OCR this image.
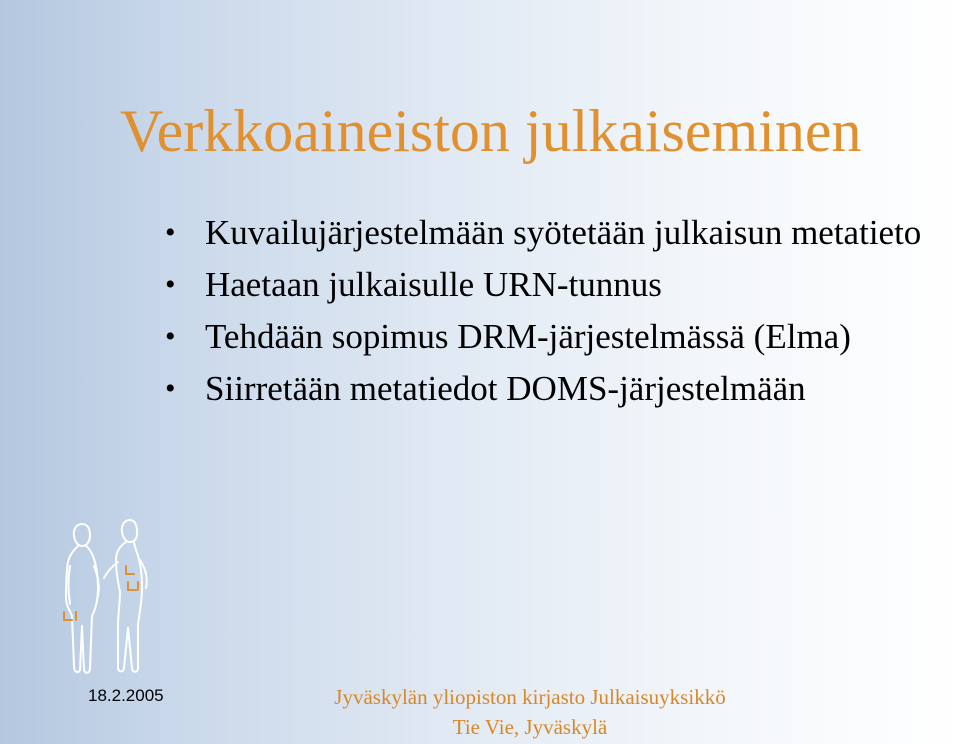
Verkkoaineiston julkaiseminen
• Kuvailujärjestelmään syötetään julkaisun metatieto
• Haetaan julkaisulle URN-tunnus
• Tehdään sopimus DRM-järjestelmässä (Elma)
• Siirretään metatiedot DOMS-järjestelmään
18.2.2005	Jyväskylän yliopiston kirjasto Julkaisuyksikkö
Tie Vie, Jyväskylä
